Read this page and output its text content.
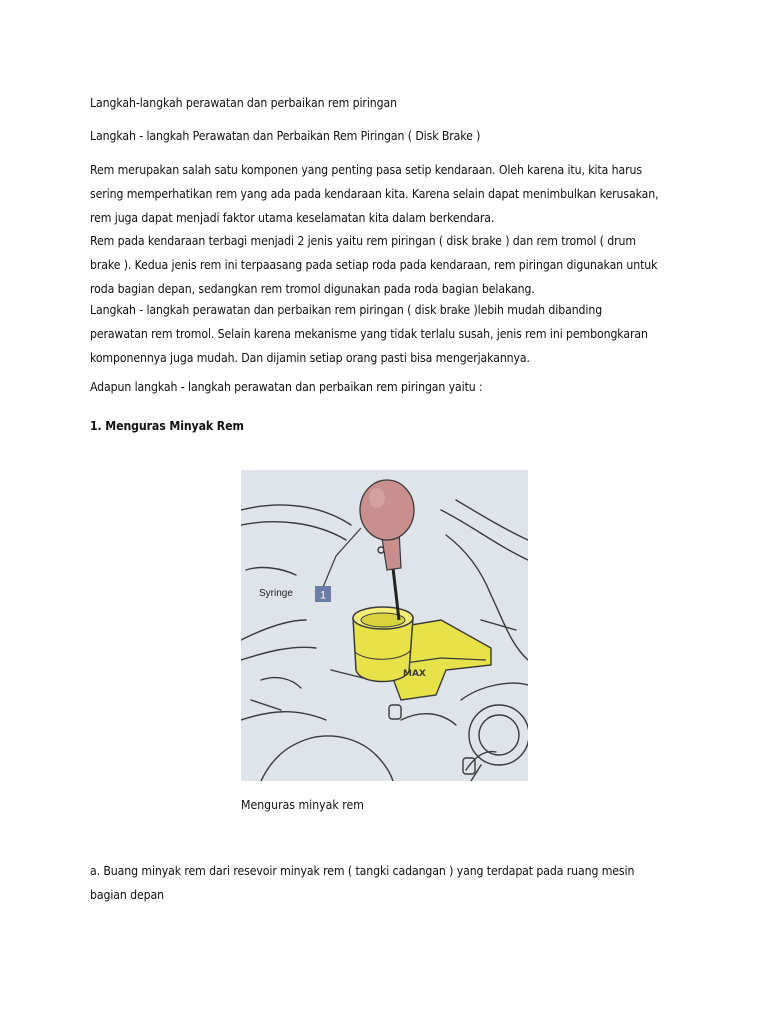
Langkah-langkah perawatan dan perbaikan rem piringan

Langkah - langkah Perawatan dan Perbaikan Rem Piringan ( Disk Brake )

Rem merupakan salah satu komponen yang penting pasa setip kendaraan. Oleh karena itu, kita harus
sering memperhatikan rem yang ada pada kendaraan kita. Karena selain dapat menimbulkan kerusakan,
rem juga dapat menjadi faktor utama keselamatan kita dalam berkendara.

Rem pada kendaraan terbagi menjadi 2 jenis yaitu rem piringan ( disk brake ) dan rem tromol ( drum
brake ). Kedua jenis rem ini terpaasang pada setiap roda pada kendaraan, rem piringan digunakan untuk
roda bagian depan, sedangkan rem tromol digunakan pada roda bagian belakang.

Langkah - langkah perawatan dan perbaikan rem piringan ( disk brake )lebih mudah dibanding
perawatan rem tromol. Selain karena mekanisme yang tidak terlalu susah, jenis rem ini pembongkaran
komponennya juga mudah. Dan dijamin setiap orang pasti bisa mengerjakannya.

Adapun langkah - langkah perawatan dan perbaikan rem piringan yaitu :

1. Menguras Minyak Rem

MAX
Syringe 1

Menguras minyak rem

a. Buang minyak rem dari resevoir minyak rem ( tangki cadangan ) yang terdapat pada ruang mesin
bagian depan
